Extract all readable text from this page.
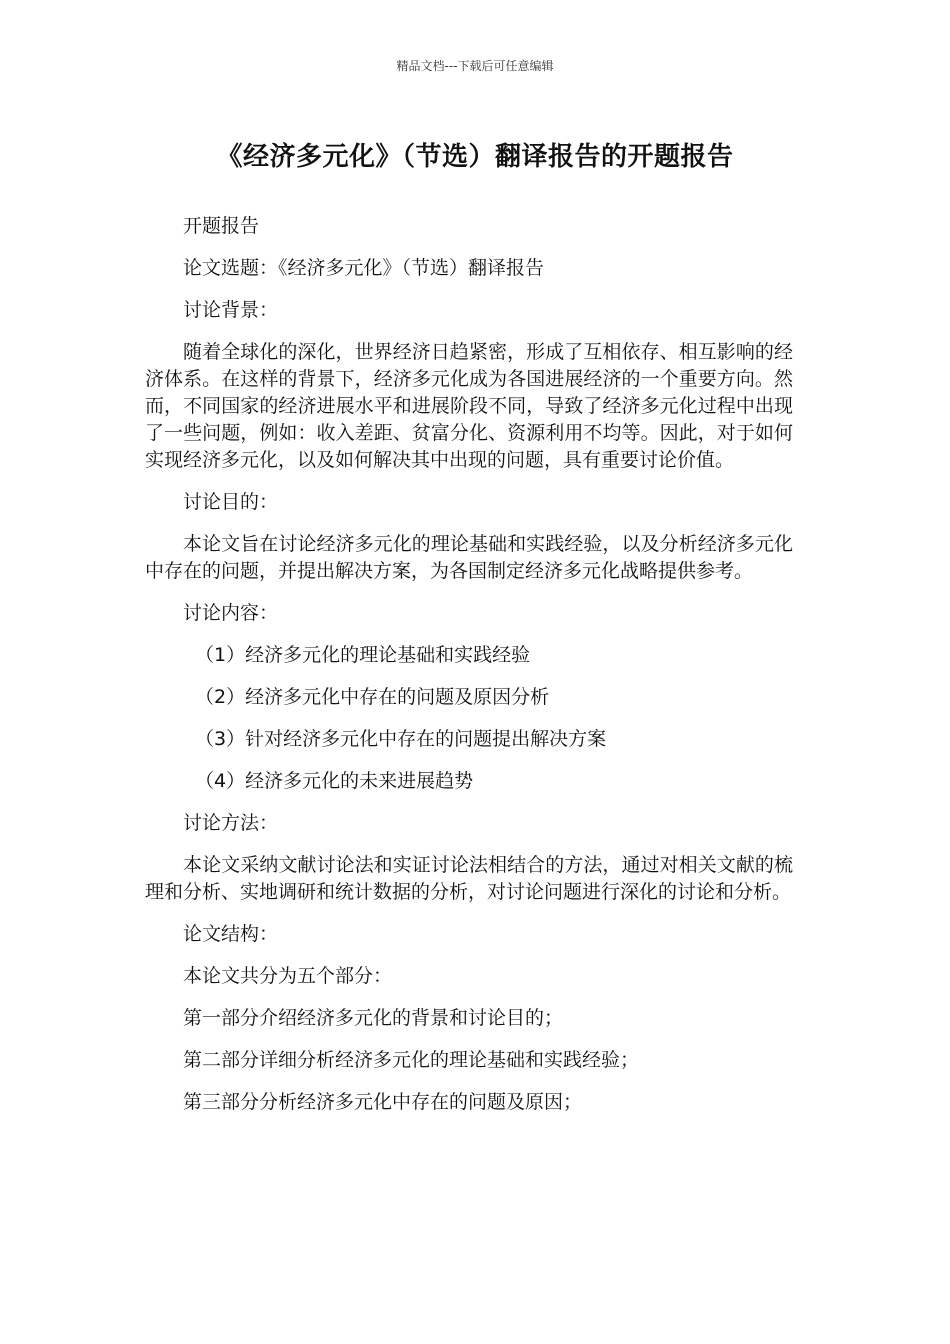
精品文档---下载后可任意编辑
《经济多元化》（节选）翻译报告的开题报告

开题报告

论文选题：《经济多元化》（节选）翻译报告

讨论背景：

随着全球化的深化，世界经济日趋紧密，形成了互相依存、相互影响的经济体系。在这样的背景下，经济多元化成为各国进展经济的一个重要方向。然而，不同国家的经济进展水平和进展阶段不同，导致了经济多元化过程中出现了一些问题，例如：收入差距、贫富分化、资源利用不均等。因此，对于如何实现经济多元化，以及如何解决其中出现的问题，具有重要讨论价值。

讨论目的：

本论文旨在讨论经济多元化的理论基础和实践经验，以及分析经济多元化中存在的问题，并提出解决方案，为各国制定经济多元化战略提供参考。

讨论内容：

（1）经济多元化的理论基础和实践经验

（2）经济多元化中存在的问题及原因分析

（3）针对经济多元化中存在的问题提出解决方案

（4）经济多元化的未来进展趋势

讨论方法：

本论文采纳文献讨论法和实证讨论法相结合的方法，通过对相关文献的梳理和分析、实地调研和统计数据的分析，对讨论问题进行深化的讨论和分析。

论文结构：

本论文共分为五个部分：

第一部分介绍经济多元化的背景和讨论目的；

第二部分详细分析经济多元化的理论基础和实践经验；

第三部分分析经济多元化中存在的问题及原因；
